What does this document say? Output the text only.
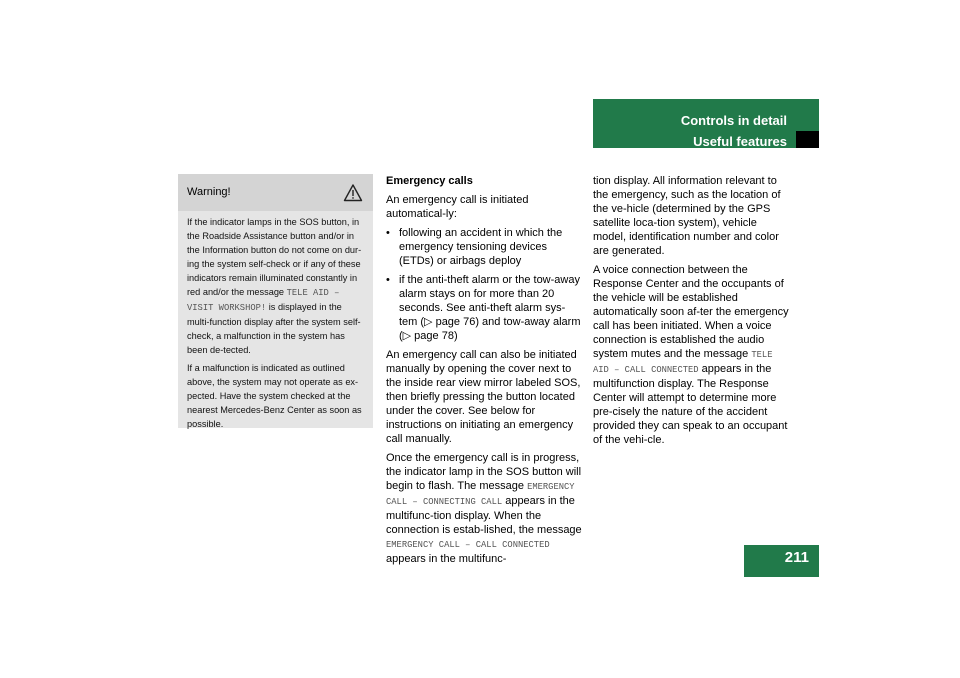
Controls in detail
Useful features
Warning!

If the indicator lamps in the SOS button, in the Roadside Assistance button and/or in the Information button do not come on dur-ing the system self-check or if any of these indicators remain illuminated constantly in red and/or the message TELE AID – VISIT WORKSHOP! is displayed in the multi-function display after the system self-check, a malfunction in the system has been de-tected.

If a malfunction is indicated as outlined above, the system may not operate as ex-pected. Have the system checked at the nearest Mercedes-Benz Center as soon as possible.

Emergency calls

An emergency call is initiated automatical-ly:

• following an accident in which the emergency tensioning devices (ETDs) or airbags deploy
• if the anti-theft alarm or the tow-away alarm stays on for more than 20 seconds. See anti-theft alarm sys-tem (▷ page 76) and tow-away alarm (▷ page 78)

An emergency call can also be initiated manually by opening the cover next to the inside rear view mirror labeled SOS, then briefly pressing the button located under the cover. See below for instructions on initiating an emergency call manually.

Once the emergency call is in progress, the indicator lamp in the SOS button will begin to flash. The message EMERGENCY CALL – CONNECTING CALL appears in the multifunc-tion display. When the connection is estab-lished, the message EMERGENCY CALL – CALL CONNECTED appears in the multifunc-

tion display. All information relevant to the emergency, such as the location of the ve-hicle (determined by the GPS satellite loca-tion system), vehicle model, identification number and color are generated.

A voice connection between the Response Center and the occupants of the vehicle will be established automatically soon af-ter the emergency call has been initiated. When a voice connection is established the audio system mutes and the message TELE AID – CALL CONNECTED appears in the multifunction display. The Response Center will attempt to determine more pre-cisely the nature of the accident provided they can speak to an occupant of the vehi-cle.

211
